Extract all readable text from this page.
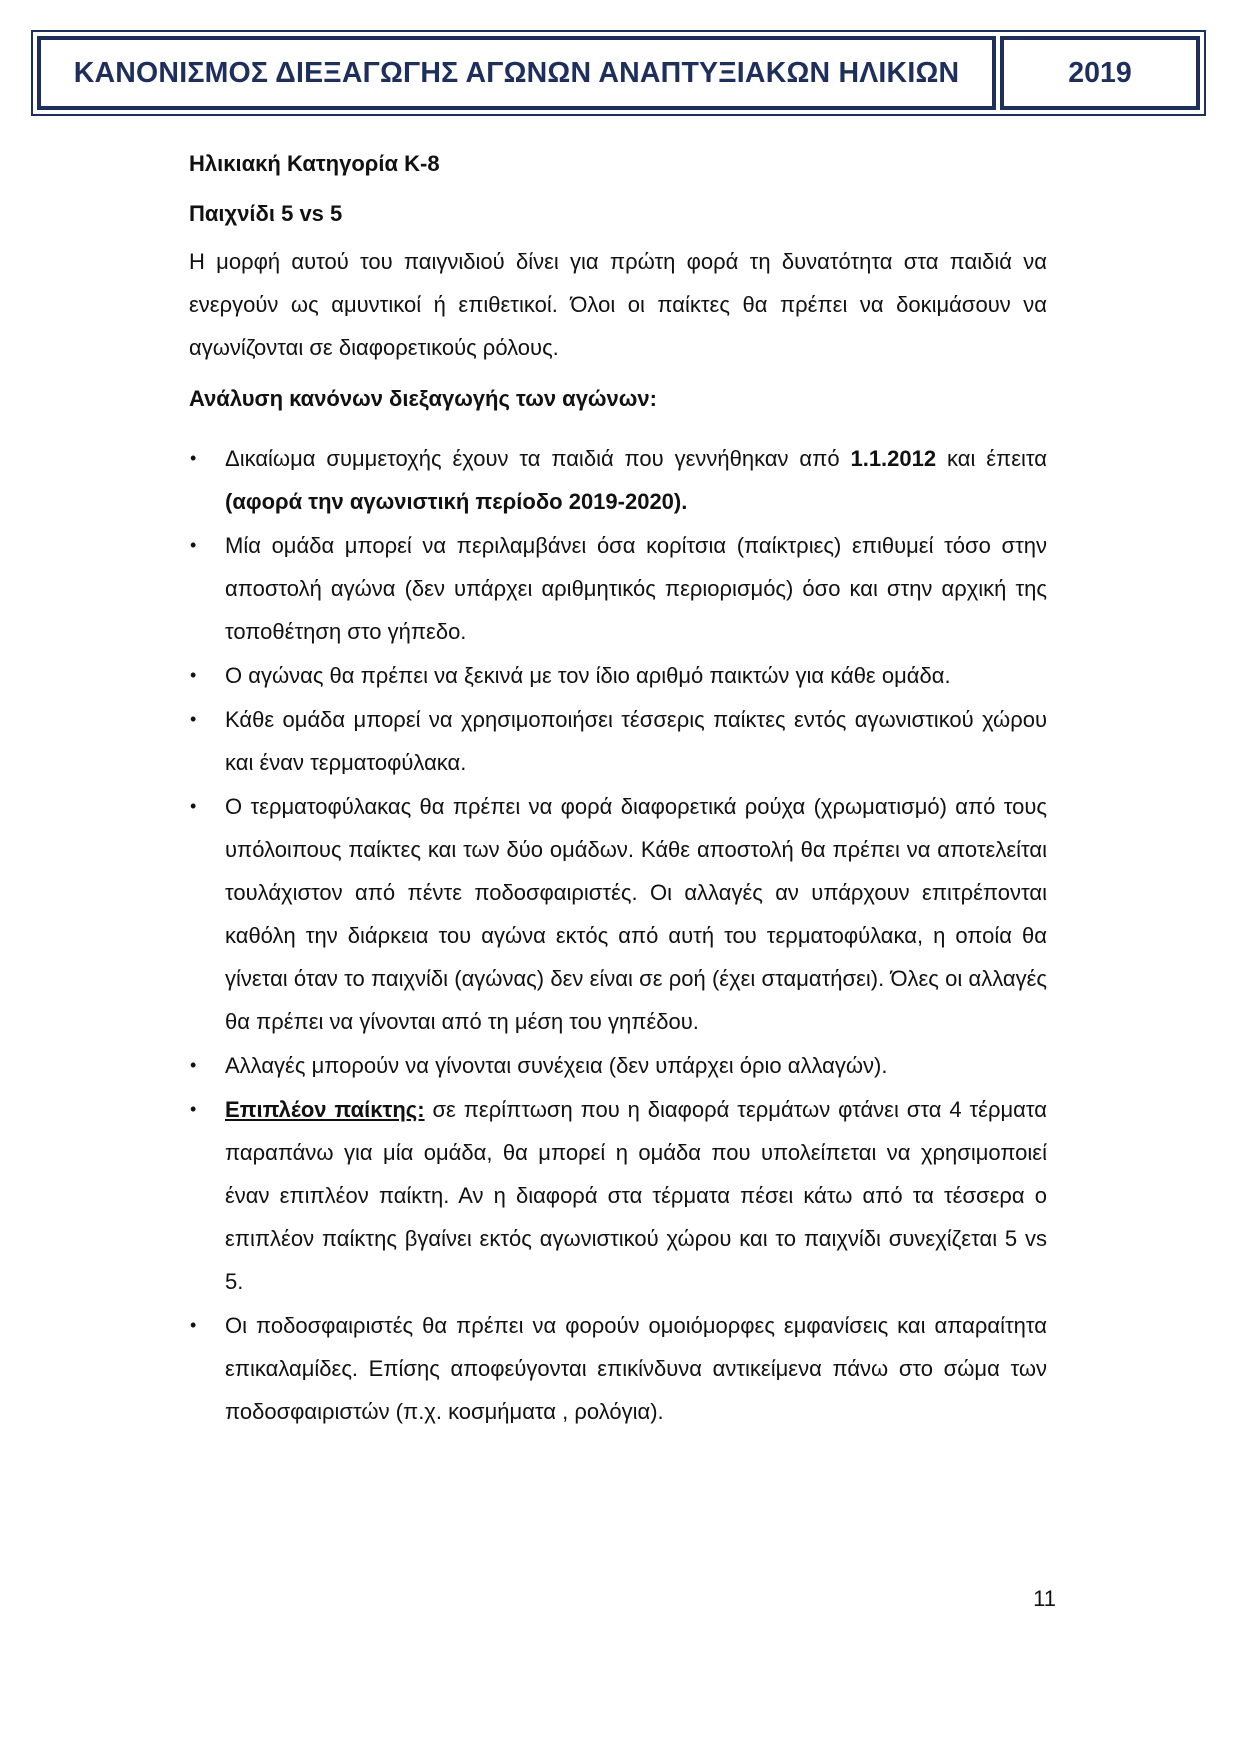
ΚΑΝΟΝΙΣΜΟΣ ΔΙΕΞΑΓΩΓΗΣ ΑΓΩΝΩΝ ΑΝΑΠΤΥΞΙΑΚΩΝ ΗΛΙΚΙΩΝ	2019

Ηλικιακή Κατηγορία Κ-8

Παιχνίδι 5 vs 5

Η μορφή αυτού του παιγνιδιού δίνει για πρώτη φορά τη δυνατότητα στα παιδιά να ενεργούν ως αμυντικοί ή επιθετικοί. Όλοι οι παίκτες θα πρέπει να δοκιμάσουν να αγωνίζονται σε διαφορετικούς ρόλους.

Ανάλυση κανόνων διεξαγωγής των αγώνων:

• Δικαίωμα συμμετοχής έχουν τα παιδιά που γεννήθηκαν από 1.1.2012 και έπειτα (αφορά την αγωνιστική περίοδο 2019-2020).
• Μία ομάδα μπορεί να περιλαμβάνει όσα κορίτσια (παίκτριες) επιθυμεί τόσο στην αποστολή αγώνα (δεν υπάρχει αριθμητικός περιορισμός) όσο και στην αρχική της τοποθέτηση στο γήπεδο.
• Ο αγώνας θα πρέπει να ξεκινά με τον ίδιο αριθμό παικτών για κάθε ομάδα.
• Κάθε ομάδα μπορεί να χρησιμοποιήσει τέσσερις παίκτες εντός αγωνιστικού χώρου και έναν τερματοφύλακα.
• Ο τερματοφύλακας θα πρέπει να φορά διαφορετικά ρούχα (χρωματισμό) από τους υπόλοιπους παίκτες και των δύο ομάδων. Κάθε αποστολή θα πρέπει να αποτελείται τουλάχιστον από πέντε ποδοσφαιριστές. Οι αλλαγές αν υπάρχουν επιτρέπονται καθόλη την διάρκεια του αγώνα εκτός από αυτή του τερματοφύλακα, η οποία θα γίνεται όταν το παιχνίδι (αγώνας) δεν είναι σε ροή (έχει σταματήσει). Όλες οι αλλαγές θα πρέπει να γίνονται από τη μέση του γηπέδου.
• Αλλαγές μπορούν να γίνονται συνέχεια (δεν υπάρχει όριο αλλαγών).
• Επιπλέον παίκτης: σε περίπτωση που η διαφορά τερμάτων φτάνει στα 4 τέρματα παραπάνω για μία ομάδα, θα μπορεί η ομάδα που υπολείπεται να χρησιμοποιεί έναν επιπλέον παίκτη. Αν η διαφορά στα τέρματα πέσει κάτω από τα τέσσερα ο επιπλέον παίκτης βγαίνει εκτός αγωνιστικού χώρου και το παιχνίδι συνεχίζεται 5 vs 5.
• Οι ποδοσφαιριστές θα πρέπει να φορούν ομοιόμορφες εμφανίσεις και απαραίτητα επικαλαμίδες. Επίσης αποφεύγονται επικίνδυνα αντικείμενα πάνω στο σώμα των ποδοσφαιριστών (π.χ. κοσμήματα , ρολόγια).
11
